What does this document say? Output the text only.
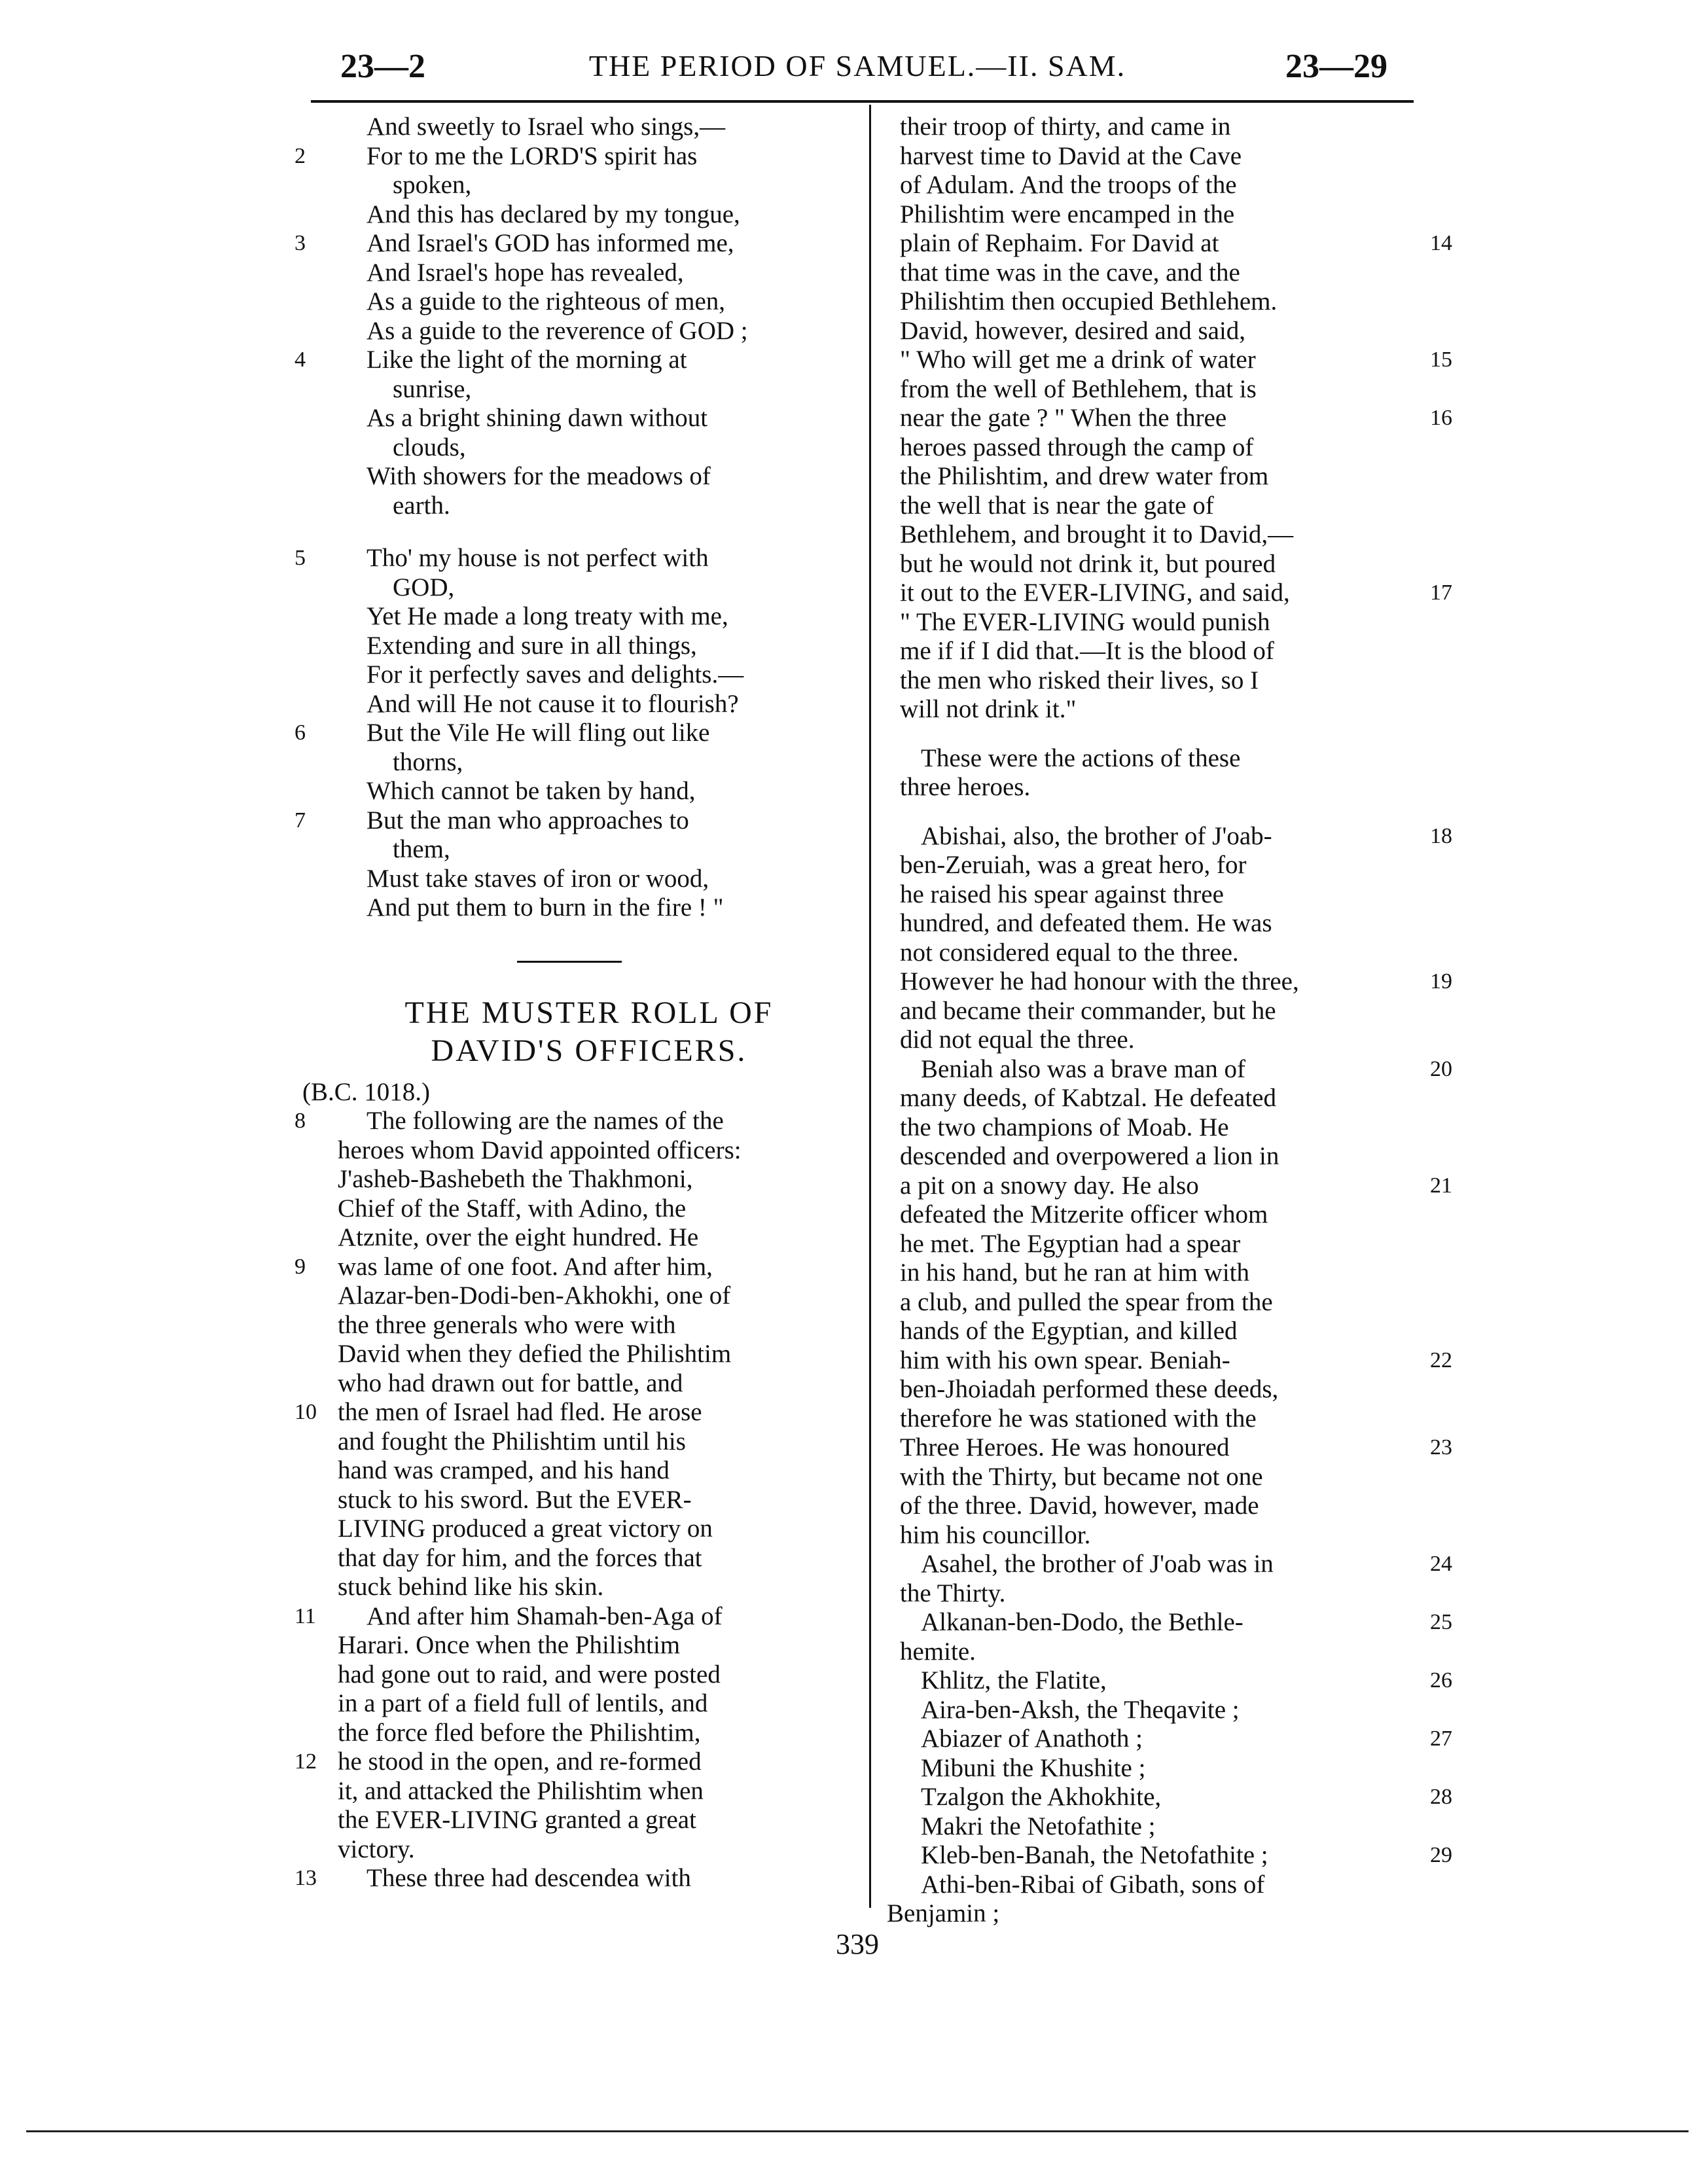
23—2	THE PERIOD OF SAMUEL.—II. SAM.	23—29
And sweetly to Israel who sings,—
2	For to me the LORD'S spirit has
spoken,
And this has declared by my tongue,
3	And Israel's GOD has informed me,
And Israel's hope has revealed,
As a guide to the righteous of men,
As a guide to the reverence of GOD ;
4	Like the light of the morning at
sunrise,
As a bright shining dawn without
clouds,
With showers for the meadows of
earth.
5	Tho' my house is not perfect with
GOD,
Yet He made a long treaty with me,
Extending and sure in all things,
For it perfectly saves and delights.—
And will He not cause it to flourish?
6	But the Vile He will fling out like
thorns,
Which cannot be taken by hand,
7	But the man who approaches to
them,
Must take staves of iron or wood,
And put them to burn in the fire ! "
THE MUSTER ROLL OF
DAVID'S OFFICERS.
(B.C. 1018.)
8	The following are the names of the
heroes whom David appointed officers:
J'asheb-Bashebeth the Thakhmoni,
Chief of the Staff, with Adino, the
Atznite, over the eight hundred. He
9	was lame of one foot. And after him,
Alazar-ben-Dodi-ben-Akhokhi, one of
the three generals who were with
David when they defied the Philishtim
who had drawn out for battle, and
10 the men of Israel had fled. He arose
and fought the Philishtim until his
hand was cramped, and his hand
stuck to his sword. But the EVER-
LIVING produced a great victory on
that day for him, and the forces that
stuck behind like his skin.
11	And after him Shamah-ben-Aga of
Harari. Once when the Philishtim
had gone out to raid, and were posted
in a part of a field full of lentils, and
the force fled before the Philishtim,
12 he stood in the open, and re-formed
it, and attacked the Philishtim when
the EVER-LIVING granted a great
victory.
13	These three had descendea with
their troop of thirty, and came in
harvest time to David at the Cave
of Adulam. And the troops of the
Philishtim were encamped in the
14
plain of Rephaim. For David at
that time was in the cave, and the
Philishtim then occupied Bethlehem.
David, however, desired and said,
15
" Who will get me a drink of water
from the well of Bethlehem, that is
16
near the gate ? " When the three
heroes passed through the camp of
the Philishtim, and drew water from
the well that is near the gate of
Bethlehem, and brought it to David,—
but he would not drink it, but poured
17
it out to the EVER-LIVING, and said,
" The EVER-LIVING would punish
me if if I did that.—It is the blood of
the men who risked their lives, so I
will not drink it."
These were the actions of these
three heroes.
18
Abishai, also, the brother of J'oab-
ben-Zeruiah, was a great hero, for
he raised his spear against three
hundred, and defeated them. He was
not considered equal to the three.
19
However he had honour with the three,
and became their commander, but he
did not equal the three.
20
Beniah also was a brave man of
many deeds, of Kabtzal. He defeated
the two champions of Moab. He
descended and overpowered a lion in
21
a pit on a snowy day. He also
defeated the Mitzerite officer whom
he met. The Egyptian had a spear
in his hand, but he ran at him with
a club, and pulled the spear from the
hands of the Egyptian, and killed
22
him with his own spear. Beniah-
ben-Jhoiadah performed these deeds,
therefore he was stationed with the
23
Three Heroes. He was honoured
with the Thirty, but became not one
of the three. David, however, made
him his councillor.
24
Asahel, the brother of J'oab was in
the Thirty.
25
Alkanan-ben-Dodo, the Bethle-
hemite.
26
Khlitz, the Flatite,
Aira-ben-Aksh, the Theqavite ;
27
Abiazer of Anathoth ;
Mibuni the Khushite ;
28
Tzalgon the Akhokhite,
Makri the Netofathite ;
29
Kleb-ben-Banah, the Netofathite ;
Athi-ben-Ribai of Gibath, sons of
Benjamin ;
339
